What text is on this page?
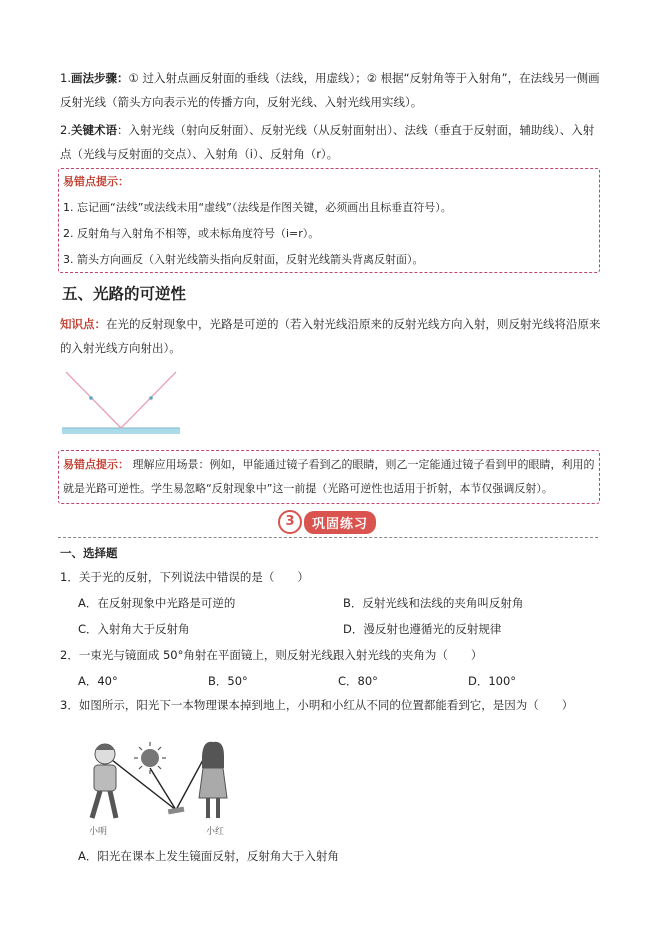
1.画法步骤：① 过入射点画反射面的垂线（法线，用虚线）；② 根据“反射角等于入射角”，在法线另一侧画反射光线（箭头方向表示光的传播方向，反射光线、入射光线用实线）。
2.关键术语：入射光线（射向反射面）、反射光线（从反射面射出）、法线（垂直于反射面，辅助线）、入射点（光线与反射面的交点）、入射角（i）、反射角（r）。
易错点提示：
1. 忘记画“法线”或法线未用“虚线”（法线是作图关键，必须画出且标垂直符号）。
2. 反射角与入射角不相等，或未标角度符号（i=r）。
3. 箭头方向画反（入射光线箭头指向反射面，反射光线箭头背离反射面）。
五、光路的可逆性
知识点：在光的反射现象中，光路是可逆的（若入射光线沿原来的反射光线方向入射，则反射光线将沿原来的入射光线方向射出）。
易错点提示： 理解应用场景：例如，甲能通过镜子看到乙的眼睛，则乙一定能通过镜子看到甲的眼睛，利用的就是光路可逆性。学生易忽略“反射现象中”这一前提（光路可逆性也适用于折射，本节仅强调反射）。
3	巩固练习
一、选择题
1．关于光的反射，下列说法中错误的是（　　）
A．在反射现象中光路是可逆的	B．反射光线和法线的夹角叫反射角
C．入射角大于反射角	D．漫反射也遵循光的反射规律
2．一束光与镜面成 50°角射在平面镜上，则反射光线跟入射光线的夹角为（　　）
A．40°	B．50°	C．80°	D．100°
3．如图所示，阳光下一本物理课本掉到地上，小明和小红从不同的位置都能看到它，是因为（　　）
小明	小红
A．阳光在课本上发生镜面反射，反射角大于入射角
